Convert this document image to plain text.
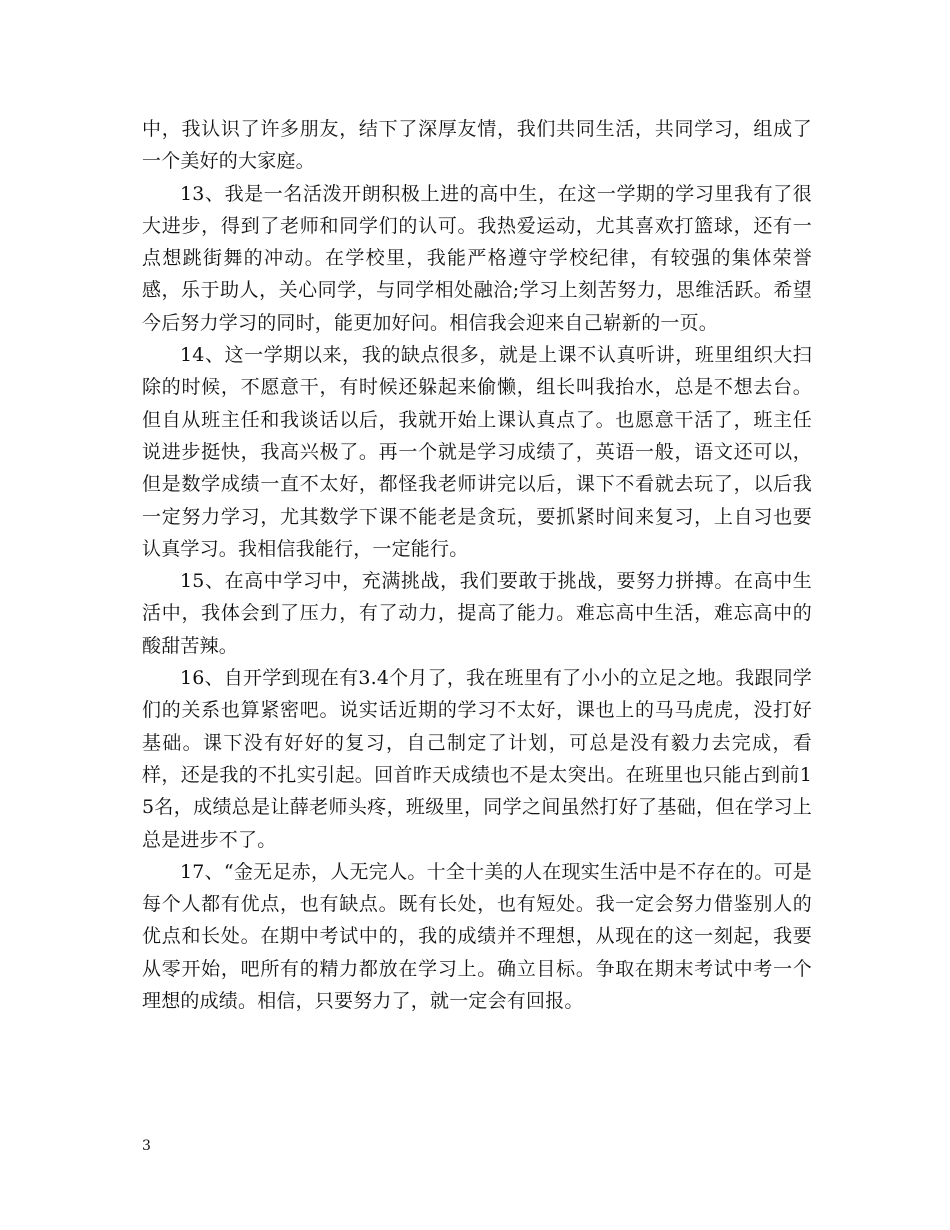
中，我认识了许多朋友，结下了深厚友情，我们共同生活，共同学习，组成了一个美好的大家庭。

13、我是一名活泼开朗积极上进的高中生，在这一学期的学习里我有了很大进步，得到了老师和同学们的认可。我热爱运动，尤其喜欢打篮球，还有一点想跳街舞的冲动。在学校里，我能严格遵守学校纪律，有较强的集体荣誉感，乐于助人，关心同学，与同学相处融洽;学习上刻苦努力，思维活跃。希望今后努力学习的同时，能更加好问。相信我会迎来自己崭新的一页。

14、这一学期以来，我的缺点很多，就是上课不认真听讲，班里组织大扫除的时候，不愿意干，有时候还躲起来偷懒，组长叫我抬水，总是不想去台。但自从班主任和我谈话以后，我就开始上课认真点了。也愿意干活了，班主任说进步挺快，我高兴极了。再一个就是学习成绩了，英语一般，语文还可以，但是数学成绩一直不太好，都怪我老师讲完以后，课下不看就去玩了，以后我一定努力学习，尤其数学下课不能老是贪玩，要抓紧时间来复习，上自习也要认真学习。我相信我能行，一定能行。

15、在高中学习中，充满挑战，我们要敢于挑战，要努力拼搏。在高中生活中，我体会到了压力，有了动力，提高了能力。难忘高中生活，难忘高中的酸甜苦辣。

16、自开学到现在有3.4个月了，我在班里有了小小的立足之地。我跟同学们的关系也算紧密吧。说实话近期的学习不太好，课也上的马马虎虎，没打好基础。课下没有好好的复习，自己制定了计划，可总是没有毅力去完成，看样，还是我的不扎实引起。回首昨天成绩也不是太突出。在班里也只能占到前15名，成绩总是让薛老师头疼，班级里，同学之间虽然打好了基础，但在学习上总是进步不了。

17、“金无足赤，人无完人。十全十美的人在现实生活中是不存在的。可是每个人都有优点，也有缺点。既有长处，也有短处。我一定会努力借鉴别人的优点和长处。在期中考试中的，我的成绩并不理想，从现在的这一刻起，我要从零开始，吧所有的精力都放在学习上。确立目标。争取在期末考试中考一个理想的成绩。相信，只要努力了，就一定会有回报。

3
